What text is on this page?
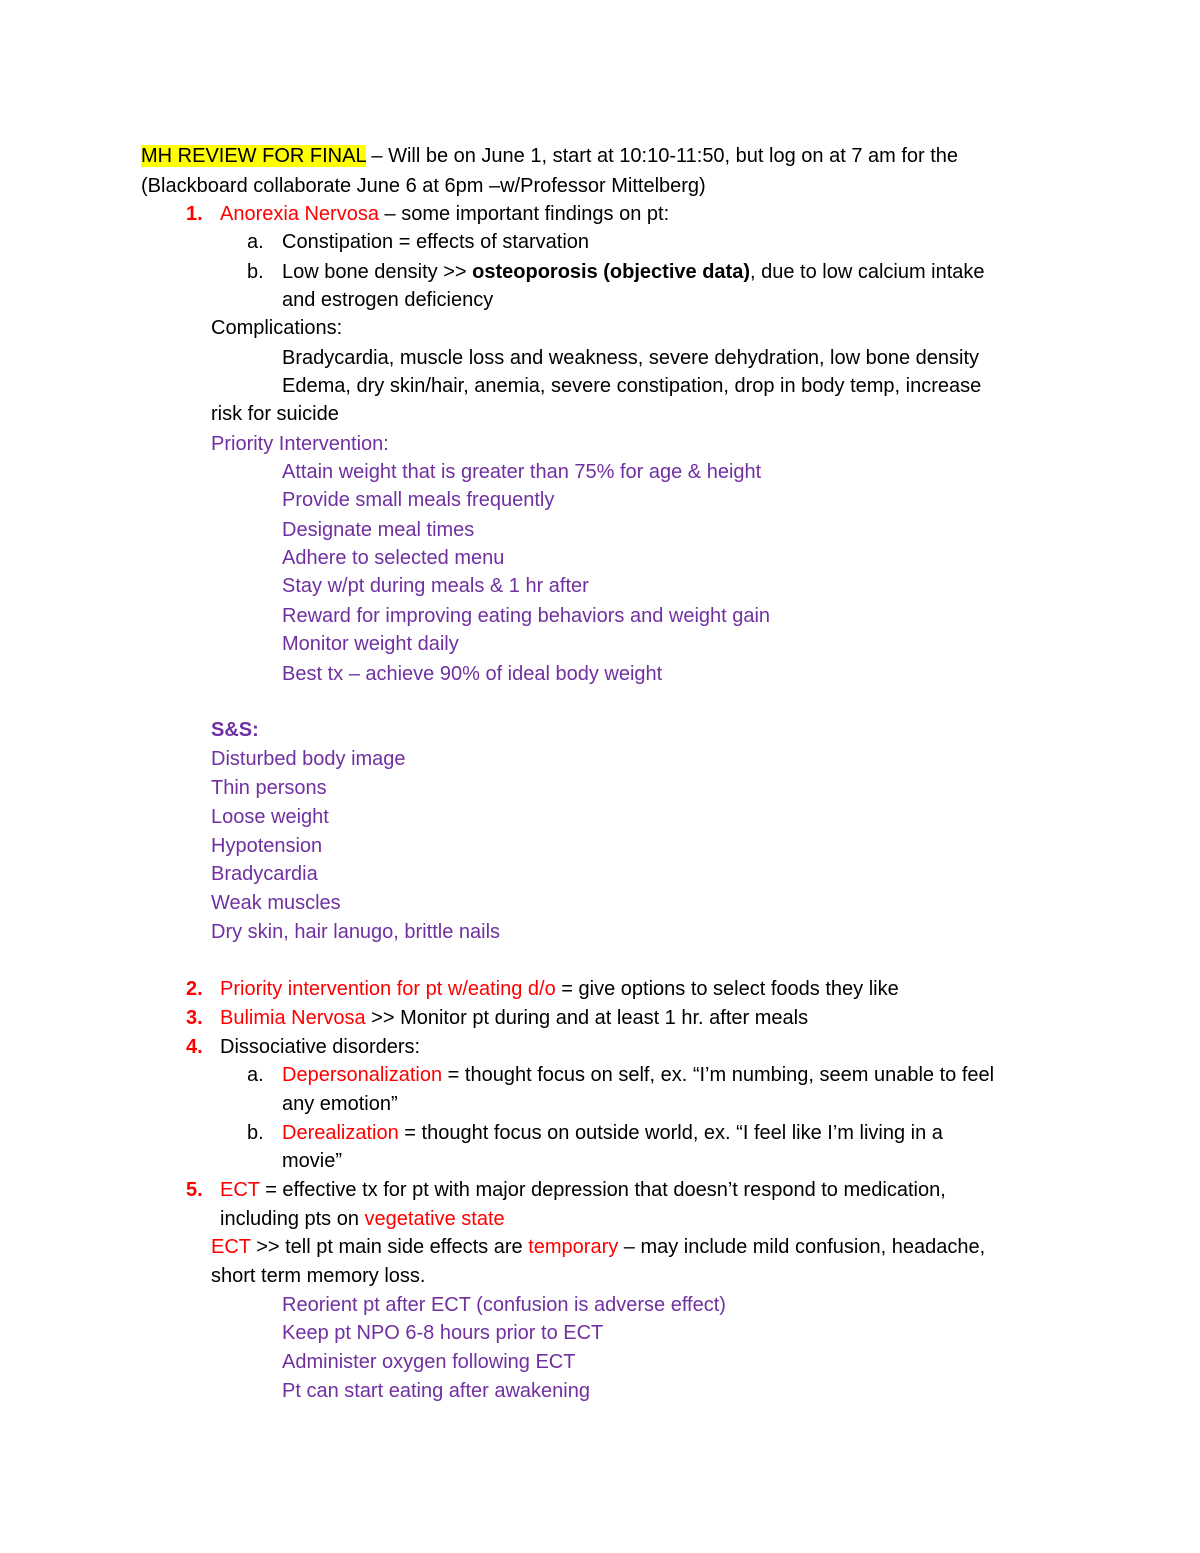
MH REVIEW FOR FINAL – Will be on June 1, start at 10:10-11:50, but log on at 7 am for the
(Blackboard collaborate June 6 at 6pm –w/Professor Mittelberg)
1. Anorexia Nervosa – some important findings on pt:
a. Constipation = effects of starvation
b. Low bone density >> osteoporosis (objective data), due to low calcium intake
and estrogen deficiency
Complications:
Bradycardia, muscle loss and weakness, severe dehydration, low bone density
Edema, dry skin/hair, anemia, severe constipation, drop in body temp, increase
risk for suicide
Priority Intervention:
Attain weight that is greater than 75% for age & height
Provide small meals frequently
Designate meal times
Adhere to selected menu
Stay w/pt during meals & 1 hr after
Reward for improving eating behaviors and weight gain
Monitor weight daily
Best tx – achieve 90% of ideal body weight
S&S:
Disturbed body image
Thin persons
Loose weight
Hypotension
Bradycardia
Weak muscles
Dry skin, hair lanugo, brittle nails
2. Priority intervention for pt w/eating d/o = give options to select foods they like
3. Bulimia Nervosa >> Monitor pt during and at least 1 hr. after meals
4. Dissociative disorders:
a. Depersonalization = thought focus on self, ex. “I’m numbing, seem unable to feel
any emotion”
b. Derealization = thought focus on outside world, ex. “I feel like I’m living in a
movie”
5. ECT = effective tx for pt with major depression that doesn’t respond to medication,
including pts on vegetative state
ECT >> tell pt main side effects are temporary – may include mild confusion, headache,
short term memory loss.
Reorient pt after ECT (confusion is adverse effect)
Keep pt NPO 6-8 hours prior to ECT
Administer oxygen following ECT
Pt can start eating after awakening
